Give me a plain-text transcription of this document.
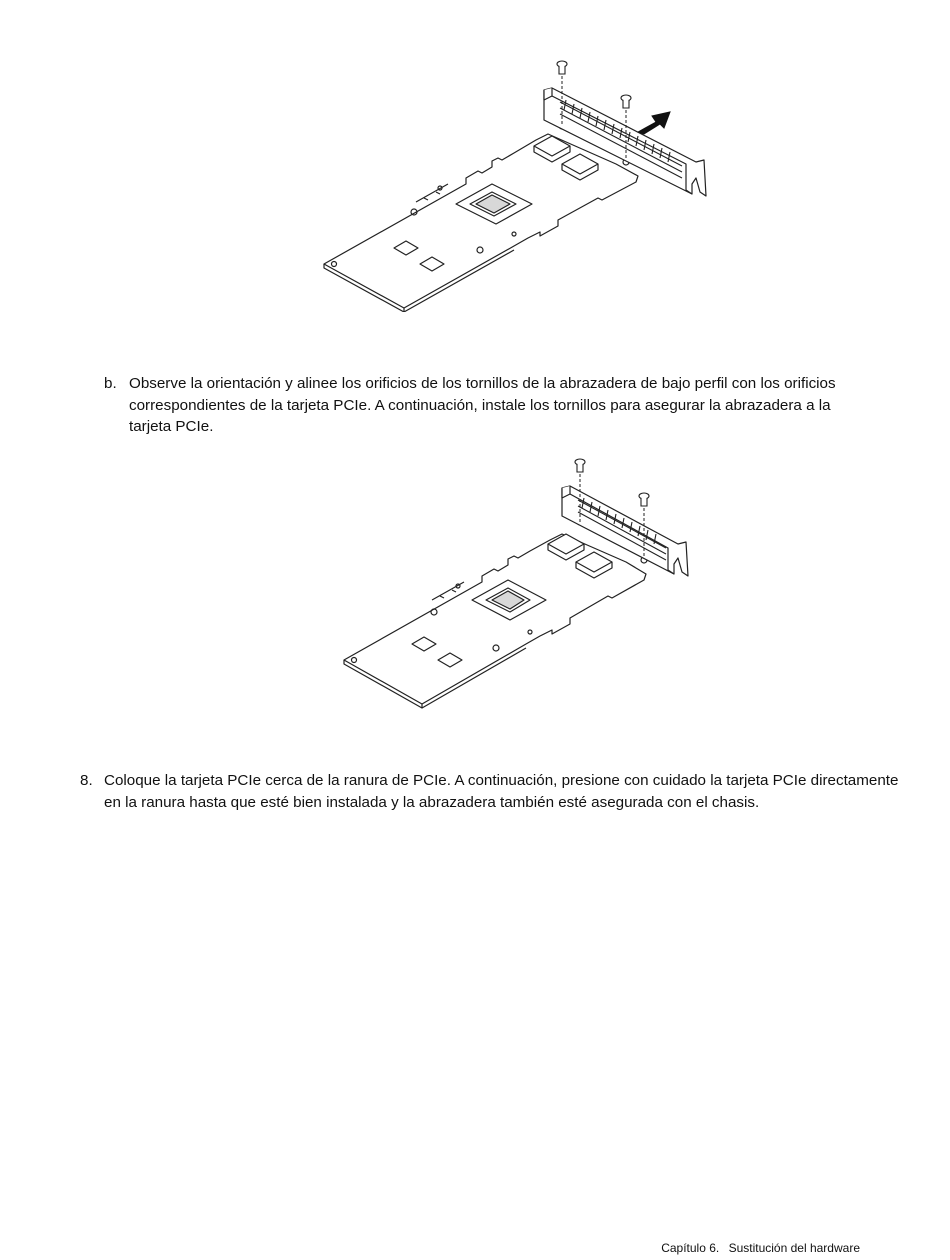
b. Observe la orientación y alinee los orificios de los tornillos de la abrazadera de bajo perfil con los orificios correspondientes de la tarjeta PCIe. A continuación, instale los tornillos para asegurar la abrazadera a la tarjeta PCIe.

8. Coloque la tarjeta PCIe cerca de la ranura de PCIe. A continuación, presione con cuidado la tarjeta PCIe directamente en la ranura hasta que esté bien instalada y la abrazadera también esté asegurada con el chasis.

Capítulo 6. Sustitución del hardware
